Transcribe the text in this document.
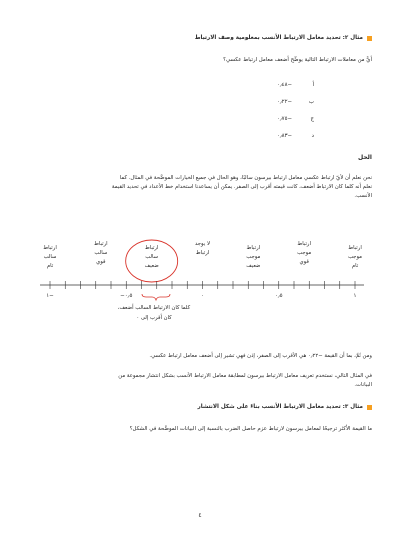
مثال ٢: تحديد معامل الارتباط الأنسب بمعلومية وصف الارتباط
أيٌّ من معاملات الارتباط التالية يوضِّح أضعف معامل ارتباط عكسي؟
أ
−٠٫٤٨
ب
−٠٫٢٢
ج
−٠٫٧٥
د
−٠٫٨٣
الحل
نحن نعلم أن لأيّ ارتباط عكسي معامل ارتباط بيرسون سالبًا، وهو الحال في جميع الخيارات الموضَّحة في المثال. كما
نعلم أنه كلما كان الارتباط أضعف، كانت قيمته أقرب إلى الصفر. يمكن أن يساعدنا استخدام خط الأعداد في تحديد القيمة
الأنسب.
ارتباط
سالب
تام
ارتباط
سالب
قوي
ارتباط
سالب
ضعيف
لا يوجد
ارتباط
ارتباط
موجب
ضعيف
ارتباط
موجب
قوي
ارتباط
موجب
تام
١−	−٠٫٥	٠	٠٫٥	١
كلما كان الارتباط السالب أضعف،
كان أقرب إلى ٠
ومن ثَمَّ، بما أن القيمة −٠٫٢٢ هي الأقرب إلى الصفر، إذن فهي تشير إلى أضعف معامل ارتباط عكسي.
في المثال التالي، نستخدم تعريف معامل الارتباط بيرسون لمطابقة معامل الارتباط الأنسب بشكل انتشار مجموعة من
البيانات.
مثال ٣: تحديد معامل الارتباط الأنسب بناءً على شكل الانتشار
ما القيمة الأكثر ترجيحًا لمعامل بيرسون لارتباط عزم حاصل الضرب بالنسبة إلى البيانات الموضَّحة في الشكل؟
٤
